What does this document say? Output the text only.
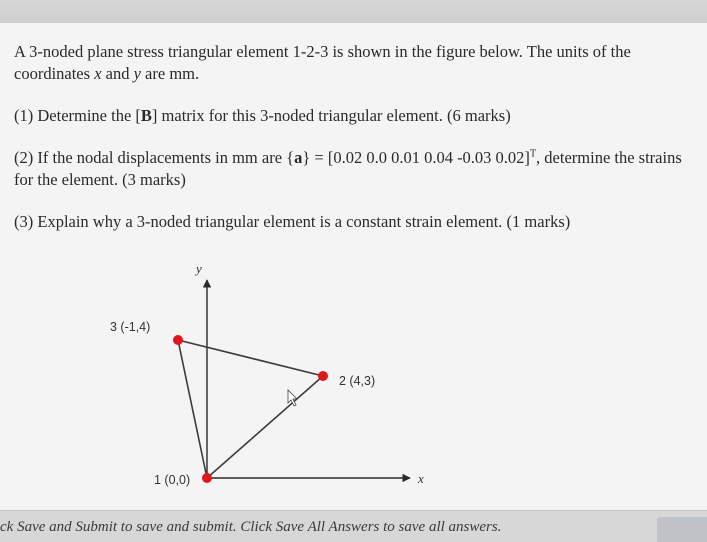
A 3-noded plane stress triangular element 1-2-3 is shown in the figure below. The units of the coordinates x and y are mm.
(1) Determine the [B] matrix for this 3-noded triangular element. (6 marks)
(2) If the nodal displacements in mm are {a} = [0.02 0.0 0.01 0.04 -0.03 0.02]$^T$, determine the strains for the element. (3 marks)
(3) Explain why a 3-noded triangular element is a constant strain element. (1 marks)
y
x
3 (-1,4)
2 (4,3)
1 (0,0)
ck Save and Submit to save and submit. Click Save All Answers to save all answers.
